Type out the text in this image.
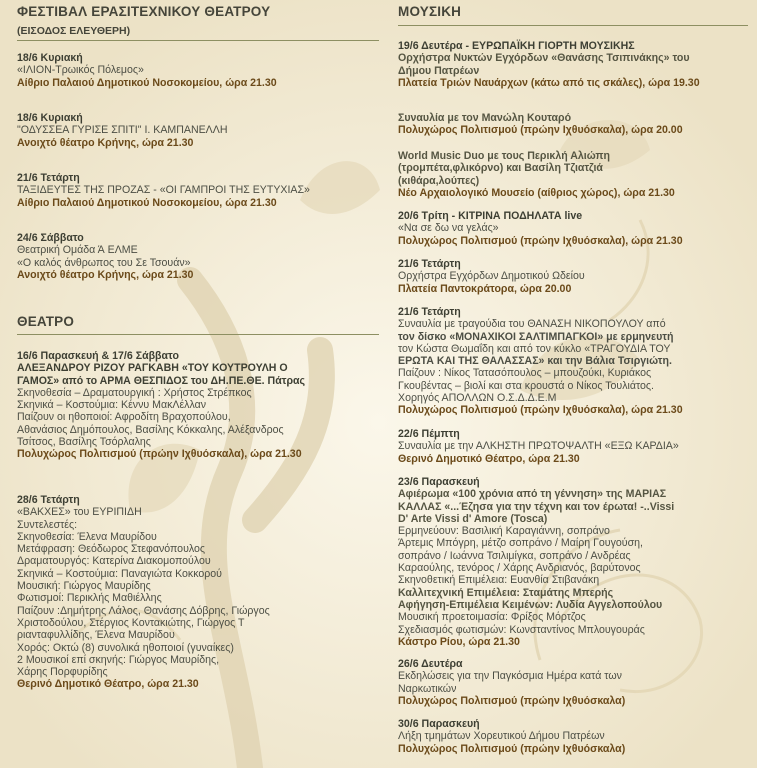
ΦΕΣΤΙΒΑΛ ΕΡΑΣΙΤΕΧΝΙΚΟΥ ΘΕΑΤΡΟΥ
(ΕΙΣΟΔΟΣ ΕΛΕΥΘΕΡΗ)
18/6 Κυριακή
«ΙΛΙΟΝ-Τρωικός Πόλεμος»
Αίθριο Παλαιού Δημοτικού Νοσοκομείου, ώρα 21.30
18/6 Κυριακή
"ΟΔΥΣΣΕΑ ΓΥΡΙΣΕ ΣΠΙΤΙ" Ι. ΚΑΜΠΑΝΕΛΛΗ
Ανοιχτό θέατρο Κρήνης, ώρα 21.30
21/6 Τετάρτη
ΤΑΞΙΔΕΥΤΕΣ ΤΗΣ ΠΡΟΖΑΣ - «ΟΙ ΓΑΜΠΡΟΙ ΤΗΣ ΕΥΤΥΧΙΑΣ»
Αίθριο Παλαιού Δημοτικού Νοσοκομείου, ώρα 21.30
24/6 Σάββατο
Θεατρική Ομάδα Ά ΕΛΜΕ
«Ο καλός άνθρωπος του Σε Τσουάν»
Ανοιχτό θέατρο Κρήνης, ώρα 21.30
ΘΕΑΤΡΟ
16/6 Παρασκευή & 17/6 Σάββατο
ΑΛΕΞΑΝΔΡΟΥ ΡΙΖΟΥ ΡΑΓΚΑΒΗ «ΤΟΥ ΚΟΥΤΡΟΥΛΗ Ο
ΓΑΜΟΣ» από το ΑΡΜΑ ΘΕΣΠΙΔΟΣ του ΔΗ.ΠΕ.ΘΕ. Πάτρας
Σκηνοθεσία – Δραματουργική : Χρήστος Στρέπκος
Σκηνικά – Κοστούμια: Κέννυ ΜακΛέλλαν
Παίζουν οι ηθοποιοί: Αφροδίτη Βραχοπούλου,
Αθανάσιος Δημόπουλος, Βασίλης Κόκκαλης, Αλέξανδρος
Τσίτσος, Βασίλης Τσόρλαλης
Πολυχώρος Πολιτισμού (πρώην Ιχθυόσκαλα), ώρα 21.30
28/6 Τετάρτη
«ΒΑΚΧΕΣ» του ΕΥΡΙΠΙΔΗ
Συντελεστές:
Σκηνοθεσία: Έλενα Μαυρίδου
Μετάφραση: Θεόδωρος Στεφανόπουλος
Δραματουργός: Κατερίνα Διακομοπούλου
Σκηνικά – Κοστούμια: Παναγιώτα Κοκκορού
Μουσική: Γιώργος Μαυρίδης
Φωτισμοί: Περικλής Μαθιέλλης
Παίζουν :Δημήτρης Λάλος, Θανάσης Δόβρης, Γιώργος
Χριστοδούλου, Στέργιος Κοντακιώτης, Γιώργος Τ
ριανταφυλλίδης, Έλενα Μαυρίδου
Χορός: Οκτώ (8) συνολικά ηθοποιοί (γυναίκες)
2 Μουσικοί επί σκηνής: Γιώργος Μαυρίδης,
Χάρης Πορφυρίδης
Θερινό Δημοτικό Θέατρο, ώρα 21.30
ΜΟΥΣΙΚΗ
19/6 Δευτέρα - ΕΥΡΩΠΑΪΚΗ ΓΙΟΡΤΗ ΜΟΥΣΙΚΗΣ
Ορχήστρα Νυκτών Εγχόρδων «Θανάσης Τσιπινάκης» του
Δήμου Πατρέων
Πλατεία Τριών Ναυάρχων (κάτω από τις σκάλες), ώρα 19.30
Συναυλία με τον Μανώλη Κουταρό
Πολυχώρος Πολιτισμού (πρώην Ιχθυόσκαλα), ώρα 20.00
World Music Duo με τους Περικλή Αλιώπη
(τρομπέτα,φλικόρνο) και Βασίλη Τζιατζιά
(κιθάρα,λούπες)
Νέο Αρχαιολογικό Μουσείο (αίθριος χώρος), ώρα 21.30
20/6 Τρίτη - ΚΙΤΡΙΝΑ ΠΟΔΗΛΑΤΑ live
«Να σε δω να γελάς»
Πολυχώρος Πολιτισμού (πρώην Ιχθυόσκαλα), ώρα 21.30
21/6 Τετάρτη
Ορχήστρα Εγχόρδων Δημοτικού Ωδείου
Πλατεία Παντοκράτορα, ώρα 20.00
21/6 Τετάρτη
Συναυλία με τραγούδια του ΘΑΝΑΣΗ ΝΙΚΟΠΟΥΛΟΥ από
τον δίσκο «ΜΟΝΑΧΙΚΟΙ ΣΑΛΤΙΜΠΑΓΚΟΙ» με ερμηνευτή
τον Κώστα Θωμαΐδη και από τον κύκλο «ΤΡΑΓΟΥΔΙΑ ΤΟΥ
ΕΡΩΤΑ ΚΑΙ ΤΗΣ ΘΑΛΑΣΣΑΣ» και την Βάλια Τσιργιώτη.
Παίζουν : Νίκος Τατασόπουλος – μπουζούκι, Κυριάκος
Γκουβέντας – βιολί και στα κρουστά ο Νίκος Τουλιάτος.
Χορηγός ΑΠΟΛΛΩΝ Ο.Σ.Δ.Δ.Ε.Μ
Πολυχώρος Πολιτισμού (πρώην Ιχθυόσκαλα), ώρα 21.30
22/6 Πέμπτη
Συναυλία με την ΑΛΚΗΣΤΗ ΠΡΩΤΟΨΑΛΤΗ «ΕΞΩ ΚΑΡΔΙΑ»
Θερινό Δημοτικό Θέατρο, ώρα 21.30
23/6 Παρασκευή
Αφιέρωμα «100 χρόνια από τη γέννηση» της ΜΑΡΙΑΣ
ΚΑΛΛΑΣ «...Έζησα για την τέχνη και τον έρωτα! -..Vissi
D' Arte Vissi d' Amore (Tosca)
Ερμηνεύουν: Βασιλική Καραγιάννη, σοπράνο
Άρτεμις Μπόγρη, μέτζο σοπράνο / Μαίρη Γουγούση,
σοπράνο / Ιωάννα Τσιλιμίγκα, σοπράνο / Ανδρέας
Καραούλης, τενόρος / Χάρης Ανδριανός, βαρύτονος
Σκηνοθετική Επιμέλεια: Ευανθία Στιβανάκη
Καλλιτεχνική Επιμέλεια: Σταμάτης Μπερής
Αφήγηση-Επιμέλεια Κειμένων: Λυδία Αγγελοπούλου
Μουσική προετοιμασία: Φρίξος Μόρτζος
Σχεδιασμός φωτισμών: Κωνσταντίνος Μπλουγουράς
Κάστρο Ρίου, ώρα 21.30
26/6 Δευτέρα
Εκδηλώσεις για την Παγκόσμια Ημέρα κατά των
Ναρκωτικών
Πολυχώρος Πολιτισμού (πρώην Ιχθυόσκαλα)
30/6 Παρασκευή
Λήξη τμημάτων Χορευτικού Δήμου Πατρέων
Πολυχώρος Πολιτισμού (πρώην Ιχθυόσκαλα)
